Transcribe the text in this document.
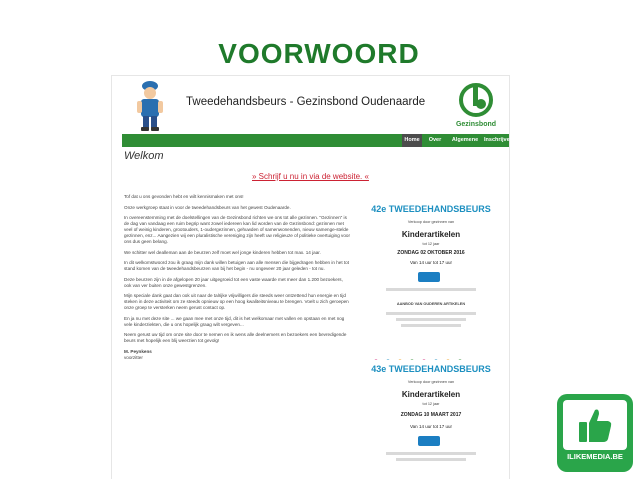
VOORWOORD
Tweedehandsbeurs - Gezinsbond Oudenaarde
Gezinsbond
Home	Over	Algemene	Inschrijven
Welkom
» Schrijf u nu in via de website. «

Tof dat u ons gevonden hebt en wilt kennismaken met ons!

Onze werkgroep staat in voor de tweedehandsbeurs van het gewest Oudenaarde.

In overeenstemming met de doelstellingen van de Gezinsbond richten we ons tot alle gezinnen. "Gezinnen" is de dag van vandaag een ruim begrip want zowel iedereen kan lid worden van de Gezinsbond: gezinnen met veel of weinig kinderen, grootouders, 1-oudergezinnen, gehuwden of samenwonenden, nieuw samenge-stelde gezinnen, enz... Aangezien wij een pluralistische vereniging zijn heeft uw religieuze of politieke overtuiging voor ons dus geen belang.

We schitter wel dealleman aan de beurzen zelf moet wel jonge kinderen hebben tot max. 14 jaar.

In dit welkomstwoord zou ik graag mijn dank willen betuigen aan alle mensen die bijgedragen hebben in het tot stand komen van de tweedehandsbeurzen van bij het begin - nu ongeveer 20 jaar geleden - tot nu.

Deze beurzen zijn in de afgelopen 20 jaar uitgegroeid tot een vaste waarde met meer dan 1.200 bezoekers, ook van ver buiten onze gewestgrenzen.

Mijn speciale dank gaat dan ook uit naar de talrijke vrijwilligers die steeds weer ontzettend hun energie en tijd steken in deze activiteit om ze steeds opnieuw op een hoog kwaliteitsniveau te brengen. Voelt u zich geroepen onze groep te versterken neem gerust contact op.

En ja nu met deze site ... we gaan mee met onze tijd, dit is het welkomaar met vallen en opstaan en met nog vele kinderziekten, die u ons hopelijk graag wilt vergeven...

Neem gerust uw tijd om onze site door te nemen en ik wens alle deelnemers en bezoekers een bevredigende beurs met hopelijk een blij weerzien tot gevolg!

M. Peynkens

voorzitter

42e TWEEDEHANDSBEURS
Verkoop door gezinnen van
Kinderartikelen
tot 12 jaar
ZONDAG 02 OKTOBER 2016
Van 14 uur tot 17 uur
AANBOD VAN OUDEREN ARTIKELEN
43e TWEEDEHANDSBEURS
Verkoop door gezinnen van
Kinderartikelen
tot 12 jaar
ZONDAG 10 MAART 2017
Van 14 uur tot 17 uur
ILIKEMEDIA.BE
